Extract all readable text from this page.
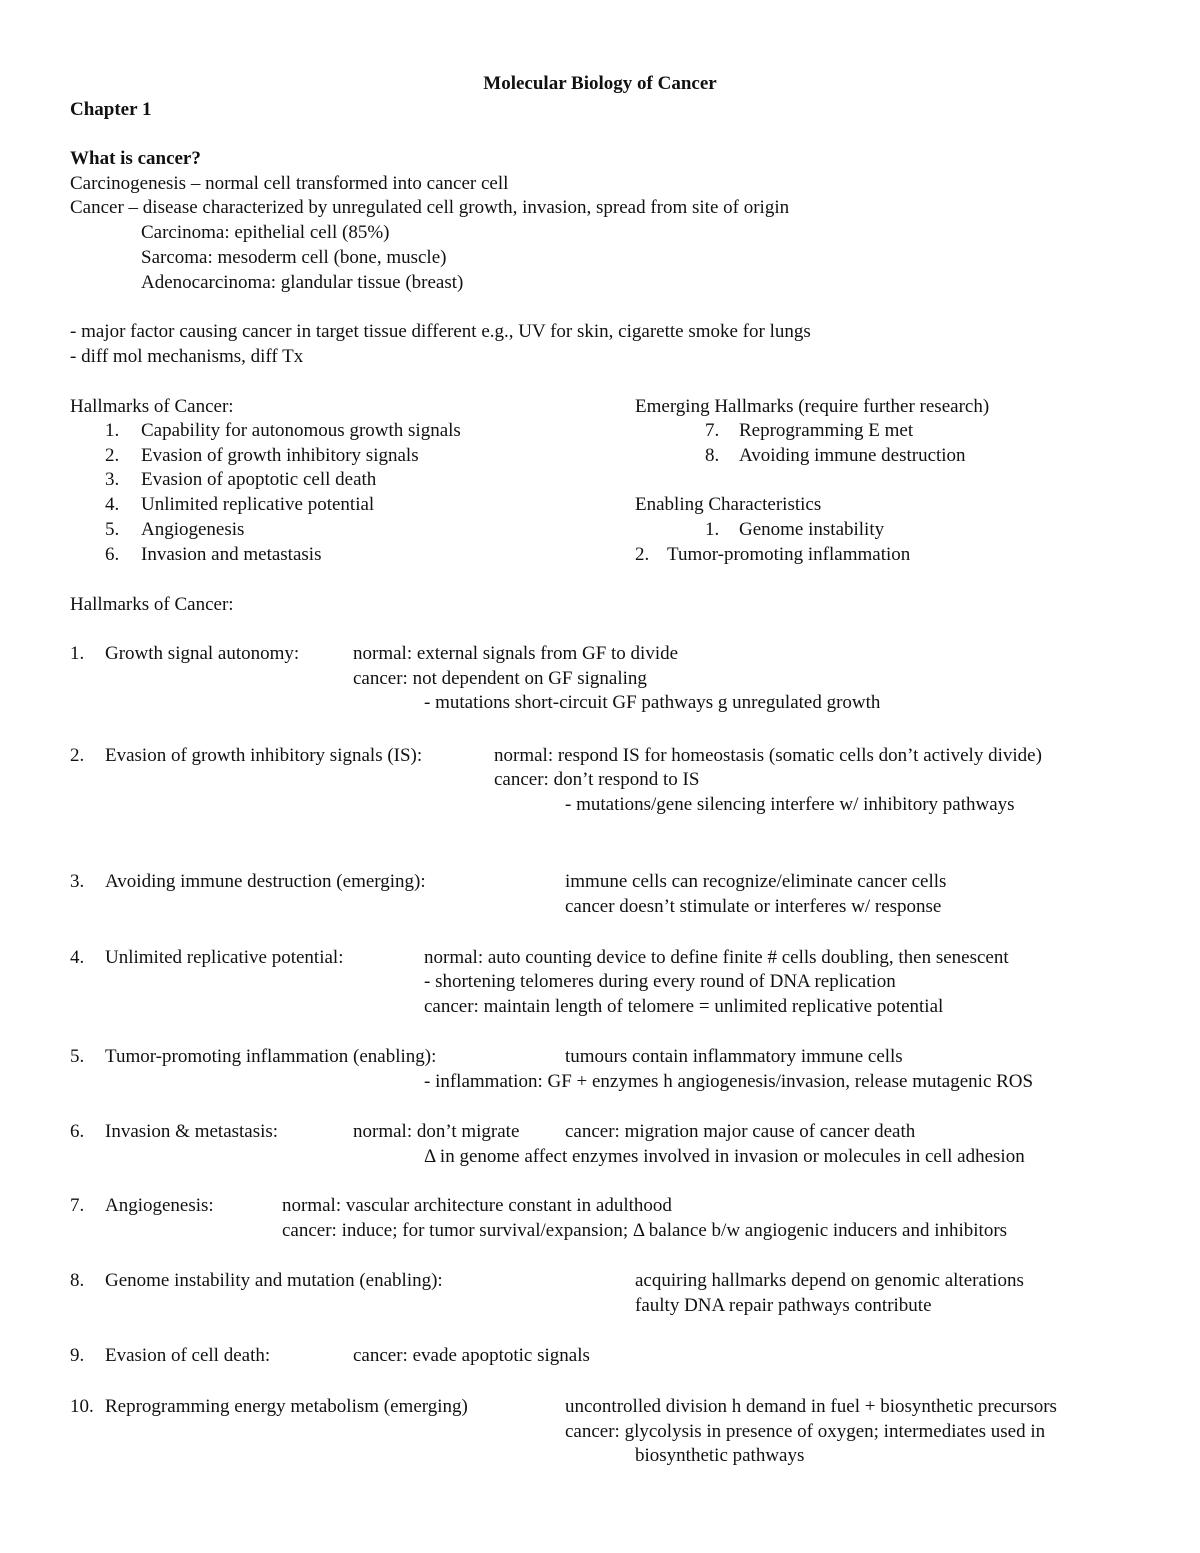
Molecular Biology of Cancer
Chapter 1
What is cancer?
Carcinogenesis – normal cell transformed into cancer cell
Cancer – disease characterized by unregulated cell growth, invasion, spread from site of origin
Carcinoma: epithelial cell (85%)
Sarcoma: mesoderm cell (bone, muscle)
Adenocarcinoma: glandular tissue (breast)
- major factor causing cancer in target tissue different e.g., UV for skin, cigarette smoke for lungs
- diff mol mechanisms, diff Tx
Hallmarks of Cancer:
1. Capability for autonomous growth signals
2. Evasion of growth inhibitory signals
3. Evasion of apoptotic cell death
4. Unlimited replicative potential
5. Angiogenesis
6. Invasion and metastasis
Emerging Hallmarks (require further research)
7. Reprogramming E met
8. Avoiding immune destruction
Enabling Characteristics
1. Genome instability
2. Tumor-promoting inflammation
Hallmarks of Cancer:
1. Growth signal autonomy:	normal: external signals from GF to divide
cancer: not dependent on GF signaling
- mutations short-circuit GF pathways g unregulated growth
2. Evasion of growth inhibitory signals (IS):	normal: respond IS for homeostasis (somatic cells don’t actively divide)
cancer: don’t respond to IS
- mutations/gene silencing interfere w/ inhibitory pathways
3. Avoiding immune destruction (emerging):	immune cells can recognize/eliminate cancer cells
cancer doesn’t stimulate or interferes w/ response
4. Unlimited replicative potential:	normal: auto counting device to define finite # cells doubling, then senescent
- shortening telomeres during every round of DNA replication
cancer: maintain length of telomere = unlimited replicative potential
5. Tumor-promoting inflammation (enabling):	tumours contain inflammatory immune cells
- inflammation: GF + enzymes h angiogenesis/invasion, release mutagenic ROS
6. Invasion & metastasis:	normal: don’t migrate cancer: migration major cause of cancer death
Δ in genome affect enzymes involved in invasion or molecules in cell adhesion
7. Angiogenesis:	normal: vascular architecture constant in adulthood
cancer: induce; for tumor survival/expansion; Δ balance b/w angiogenic inducers and inhibitors
8. Genome instability and mutation (enabling):	acquiring hallmarks depend on genomic alterations
faulty DNA repair pathways contribute
9. Evasion of cell death:	cancer: evade apoptotic signals
10. Reprogramming energy metabolism (emerging)	uncontrolled division h demand in fuel + biosynthetic precursors
cancer: glycolysis in presence of oxygen; intermediates used in
biosynthetic pathways
